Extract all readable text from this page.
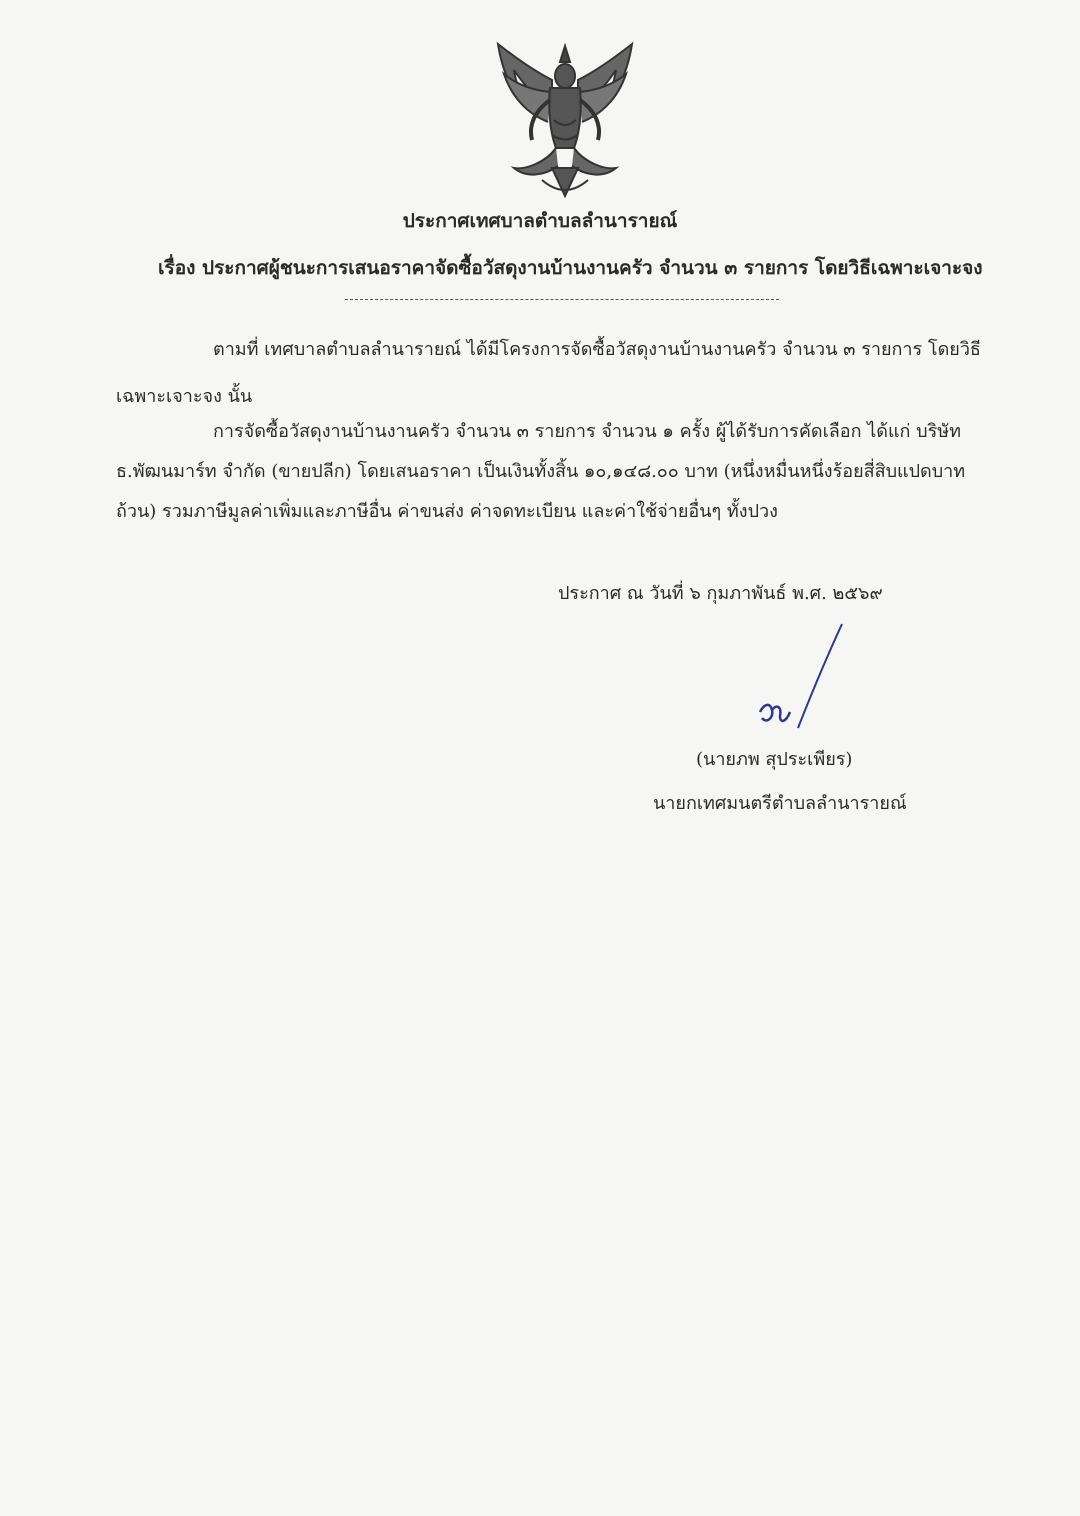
ประกาศเทศบาลตำบลลำนารายณ์
เรื่อง ประกาศผู้ชนะการเสนอราคาจัดซื้อวัสดุงานบ้านงานครัว จำนวน ๓ รายการ โดยวิธีเฉพาะเจาะจง
ตามที่ เทศบาลตำบลลำนารายณ์ ได้มีโครงการจัดซื้อวัสดุงานบ้านงานครัว จำนวน ๓ รายการ โดยวิธี
เฉพาะเจาะจง นั้น
การจัดซื้อวัสดุงานบ้านงานครัว จำนวน ๓ รายการ จำนวน ๑ ครั้ง ผู้ได้รับการคัดเลือก ได้แก่ บริษัท
ธ.พัฒนมาร์ท จำกัด (ขายปลีก) โดยเสนอราคา เป็นเงินทั้งสิ้น ๑๐,๑๔๘.๐๐ บาท (หนึ่งหมื่นหนึ่งร้อยสี่สิบแปดบาท
ถ้วน) รวมภาษีมูลค่าเพิ่มและภาษีอื่น ค่าขนส่ง ค่าจดทะเบียน และค่าใช้จ่ายอื่นๆ ทั้งปวง
ประกาศ ณ วันที่ ๖ กุมภาพันธ์ พ.ศ. ๒๕๖๙
(นายภพ สุประเพียร)
นายกเทศมนตรีตำบลลำนารายณ์
